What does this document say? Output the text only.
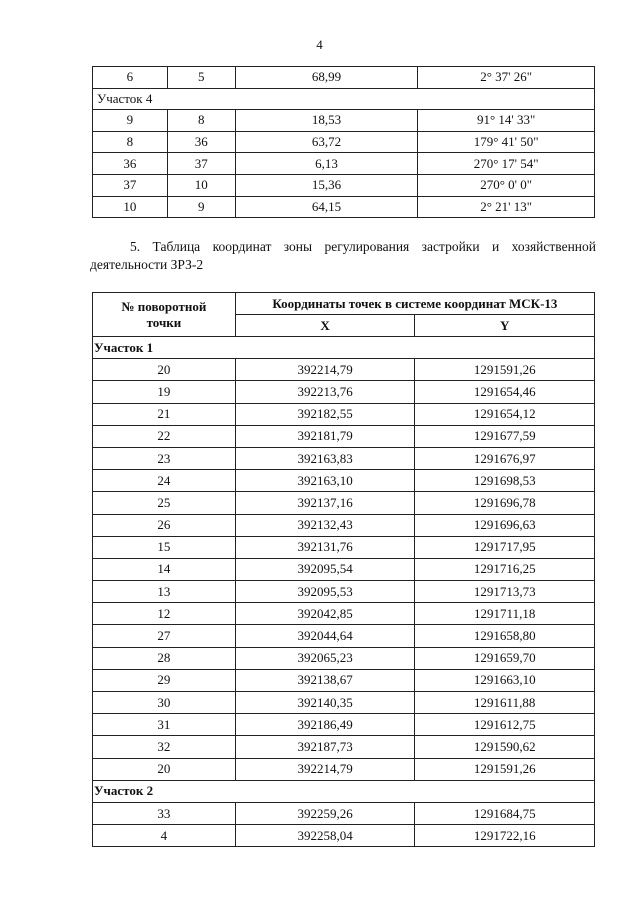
4
6	5	68,99	2° 37' 26"
Участок 4			
9	8	18,53	91° 14' 33"
8	36	63,72	179° 41' 50"
36	37	6,13	270° 17' 54"
37	10	15,36	270° 0' 0"
10	9	64,15	2° 21' 13"
5. Таблица координат зоны регулирования застройки и хозяйственной деятельности ЗРЗ-2
№ поворотной точки	Координаты точек в системе координат МСК-13	
	X	Y
Участок 1		
20	392214,79	1291591,26
19	392213,76	1291654,46
21	392182,55	1291654,12
22	392181,79	1291677,59
23	392163,83	1291676,97
24	392163,10	1291698,53
25	392137,16	1291696,78
26	392132,43	1291696,63
15	392131,76	1291717,95
14	392095,54	1291716,25
13	392095,53	1291713,73
12	392042,85	1291711,18
27	392044,64	1291658,80
28	392065,23	1291659,70
29	392138,67	1291663,10
30	392140,35	1291611,88
31	392186,49	1291612,75
32	392187,73	1291590,62
20	392214,79	1291591,26
Участок 2		
33	392259,26	1291684,75
4	392258,04	1291722,16
